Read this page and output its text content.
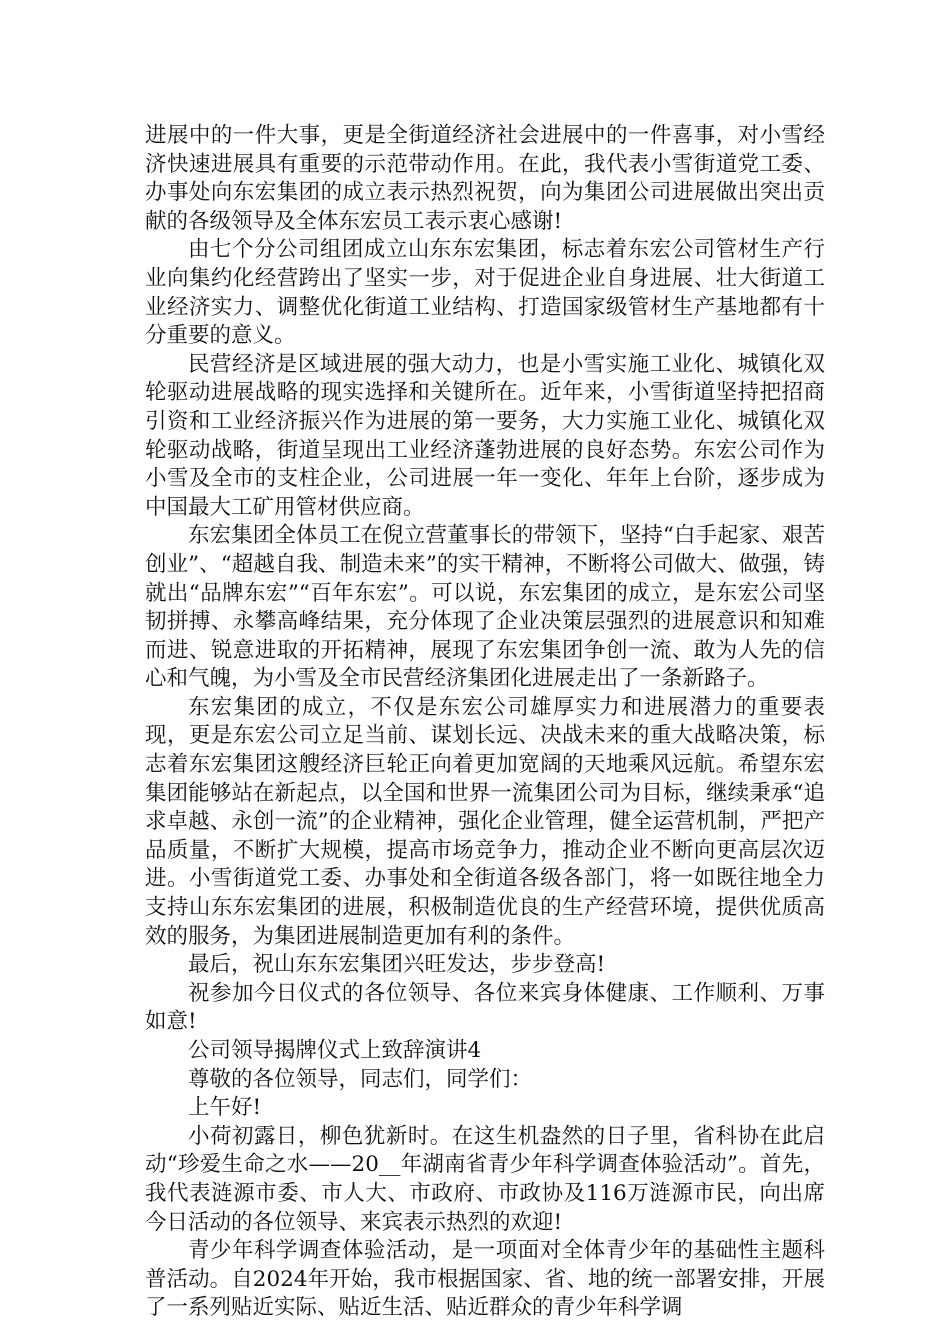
进展中的一件大事，更是全街道经济社会进展中的一件喜事，对小雪经济快速进展具有重要的示范带动作用。在此，我代表小雪街道党工委、办事处向东宏集团的成立表示热烈祝贺，向为集团公司进展做出突出贡献的各级领导及全体东宏员工表示衷心感谢!

由七个分公司组团成立山东东宏集团，标志着东宏公司管材生产行业向集约化经营跨出了坚实一步，对于促进企业自身进展、壮大街道工业经济实力、调整优化街道工业结构、打造国家级管材生产基地都有十分重要的意义。

民营经济是区域进展的强大动力，也是小雪实施工业化、城镇化双轮驱动进展战略的现实选择和关键所在。近年来，小雪街道坚持把招商引资和工业经济振兴作为进展的第一要务，大力实施工业化、城镇化双轮驱动战略，街道呈现出工业经济蓬勃进展的良好态势。东宏公司作为小雪及全市的支柱企业，公司进展一年一变化、年年上台阶，逐步成为中国最大工矿用管材供应商。

东宏集团全体员工在倪立营董事长的带领下，坚持“白手起家、艰苦创业”、“超越自我、制造未来”的实干精神，不断将公司做大、做强，铸就出“品牌东宏”“百年东宏”。可以说，东宏集团的成立，是东宏公司坚韧拼搏、永攀高峰结果，充分体现了企业决策层强烈的进展意识和知难而进、锐意进取的开拓精神，展现了东宏集团争创一流、敢为人先的信心和气魄，为小雪及全市民营经济集团化进展走出了一条新路子。

东宏集团的成立，不仅是东宏公司雄厚实力和进展潜力的重要表现，更是东宏公司立足当前、谋划长远、决战未来的重大战略决策，标志着东宏集团这艘经济巨轮正向着更加宽阔的天地乘风远航。希望东宏集团能够站在新起点，以全国和世界一流集团公司为目标，继续秉承“追求卓越、永创一流”的企业精神，强化企业管理，健全运营机制，严把产品质量，不断扩大规模，提高市场竞争力，推动企业不断向更高层次迈进。小雪街道党工委、办事处和全街道各级各部门，将一如既往地全力支持山东东宏集团的进展，积极制造优良的生产经营环境，提供优质高效的服务，为集团进展制造更加有利的条件。

最后，祝山东东宏集团兴旺发达，步步登高!

祝参加今日仪式的各位领导、各位来宾身体健康、工作顺利、万事如意!

公司领导揭牌仪式上致辞演讲4

尊敬的各位领导，同志们，同学们：

上午好!

小荷初露日，柳色犹新时。在这生机盎然的日子里，省科协在此启动“珍爱生命之水——20__年湖南省青少年科学调查体验活动”。首先，我代表涟源市委、市人大、市政府、市政协及116万涟源市民，向出席今日活动的各位领导、来宾表示热烈的欢迎!

青少年科学调查体验活动，是一项面对全体青少年的基础性主题科普活动。自2024年开始，我市根据国家、省、地的统一部署安排，开展了一系列贴近实际、贴近生活、贴近群众的青少年科学调
